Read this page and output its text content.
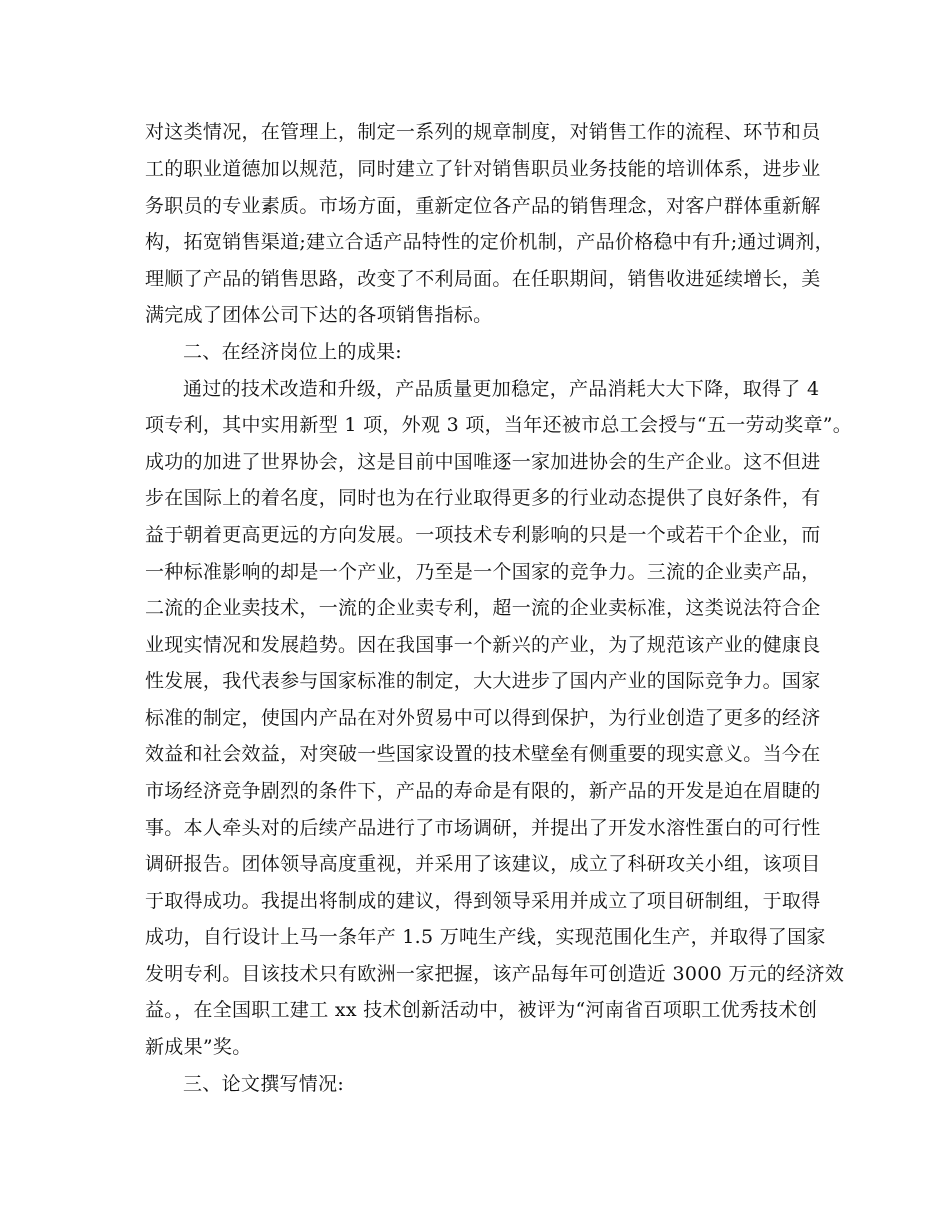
对这类情况，在管理上，制定一系列的规章制度，对销售工作的流程、环节和员
工的职业道德加以规范，同时建立了针对销售职员业务技能的培训体系，进步业
务职员的专业素质。市场方面，重新定位各产品的销售理念，对客户群体重新解
构，拓宽销售渠道;建立合适产品特性的定价机制，产品价格稳中有升;通过调剂，
理顺了产品的销售思路，改变了不利局面。在任职期间，销售收进延续增长，美
满完成了团体公司下达的各项销售指标。
二、在经济岗位上的成果:
通过的技术改造和升级，产品质量更加稳定，产品消耗大大下降，取得了 4
项专利，其中实用新型 1 项，外观 3 项，当年还被市总工会授与“五一劳动奖章”。
成功的加进了世界协会，这是目前中国唯逐一家加进协会的生产企业。这不但进
步在国际上的着名度，同时也为在行业取得更多的行业动态提供了良好条件，有
益于朝着更高更远的方向发展。一项技术专利影响的只是一个或若干个企业，而
一种标准影响的却是一个产业，乃至是一个国家的竞争力。三流的企业卖产品，
二流的企业卖技术，一流的企业卖专利，超一流的企业卖标准，这类说法符合企
业现实情况和发展趋势。因在我国事一个新兴的产业，为了规范该产业的健康良
性发展，我代表参与国家标准的制定，大大进步了国内产业的国际竞争力。国家
标准的制定，使国内产品在对外贸易中可以得到保护，为行业创造了更多的经济
效益和社会效益，对突破一些国家设置的技术壁垒有侧重要的现实意义。当今在
市场经济竞争剧烈的条件下，产品的寿命是有限的，新产品的开发是迫在眉睫的
事。本人牵头对的后续产品进行了市场调研，并提出了开发水溶性蛋白的可行性
调研报告。团体领导高度重视，并采用了该建议，成立了科研攻关小组，该项目
于取得成功。我提出将制成的建议，得到领导采用并成立了项目研制组，于取得
成功，自行设计上马一条年产 1.5 万吨生产线，实现范围化生产，并取得了国家
发明专利。目该技术只有欧洲一家把握，该产品每年可创造近 3000 万元的经济效
益。，在全国职工建工 xx 技术创新活动中，被评为“河南省百项职工优秀技术创
新成果”奖。
三、论文撰写情况:
